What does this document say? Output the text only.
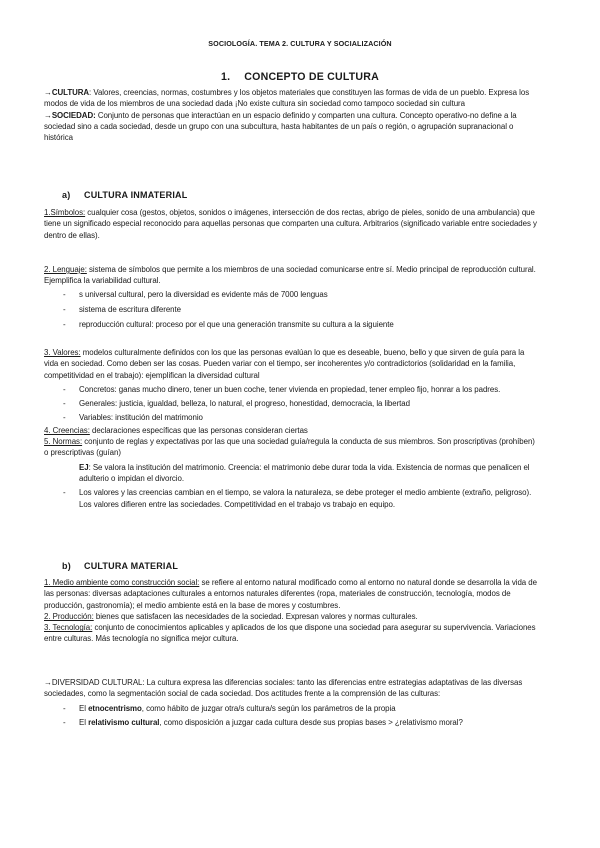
SOCIOLOGÍA. TEMA 2. CULTURA Y SOCIALIZACIÓN
1. CONCEPTO DE CULTURA

→CULTURA: Valores, creencias, normas, costumbres y los objetos materiales que constituyen las formas de vida de un pueblo. Expresa los modos de vida de los miembros de una sociedad dada ¡No existe cultura sin sociedad como tampoco sociedad sin cultura

→SOCIEDAD: Conjunto de personas que interactúan en un espacio definido y comparten una cultura. Concepto operativo-no define a la sociedad sino a cada sociedad, desde un grupo con una subcultura, hasta habitantes de un país o región, o agrupación supranacional o histórica

a) CULTURA INMATERIAL

1.Símbolos: cualquier cosa (gestos, objetos, sonidos o imágenes, intersección de dos rectas, abrigo de pieles, sonido de una ambulancia) que tiene un significado especial reconocido para aquellas personas que comparten una cultura. Arbitrarios (significado variable entre sociedades y dentro de ellas).

2. Lenguaje: sistema de símbolos que permite a los miembros de una sociedad comunicarse entre sí. Medio principal de reproducción cultural. Ejemplifica la variabilidad cultural.

- s universal cultural, pero la diversidad es evidente más de 7000 lenguas
- sistema de escritura diferente
- reproducción cultural: proceso por el que una generación transmite su cultura a la siguiente

3. Valores: modelos culturalmente definidos con los que las personas evalúan lo que es deseable, bueno, bello y que sirven de guía para la vida en sociedad. Como deben ser las cosas. Pueden variar con el tiempo, ser incoherentes y/o contradictorios (solidaridad en la familia, competitividad en el trabajo): ejemplifican la diversidad cultural

- Concretos: ganas mucho dinero, tener un buen coche, tener vivienda en propiedad, tener empleo fijo, honrar a los padres.
- Generales: justicia, igualdad, belleza, lo natural, el progreso, honestidad, democracia, la libertad
- Variables: institución del matrimonio

4. Creencias: declaraciones específicas que las personas consideran ciertas

5. Normas: conjunto de reglas y expectativas por las que una sociedad guía/regula la conducta de sus miembros. Son proscriptivas (prohíben) o prescriptivas (guían)

EJ: Se valora la institución del matrimonio. Creencia: el matrimonio debe durar toda la vida. Existencia de normas que penalicen el adulterio o impidan el divorcio.

- Los valores y las creencias cambian en el tiempo, se valora la naturaleza, se debe proteger el medio ambiente (extraño, peligroso). Los valores difieren entre las sociedades. Competitividad en el trabajo vs trabajo en equipo.
b) CULTURA MATERIAL

1. Medio ambiente como construcción social: se refiere al entorno natural modificado como al entorno no natural donde se desarrolla la vida de las personas: diversas adaptaciones culturales a entornos naturales diferentes (ropa, materiales de construcción, tecnología, modos de producción, gastronomía); el medio ambiente está en la base de mores y costumbres.

2. Producción: bienes que satisfacen las necesidades de la sociedad. Expresan valores y normas culturales.

3. Tecnología: conjunto de conocimientos aplicables y aplicados de los que dispone una sociedad para asegurar su supervivencia. Variaciones entre culturas. Más tecnología no significa mejor cultura.

→DIVERSIDAD CULTURAL: La cultura expresa las diferencias sociales: tanto las diferencias entre estrategias adaptativas de las diversas sociedades, como la segmentación social de cada sociedad. Dos actitudes frente a la comprensión de las culturas:

- El etnocentrismo, como hábito de juzgar otra/s cultura/s según los parámetros de la propia
- El relativismo cultural, como disposición a juzgar cada cultura desde sus propias bases > ¿relativismo moral?
